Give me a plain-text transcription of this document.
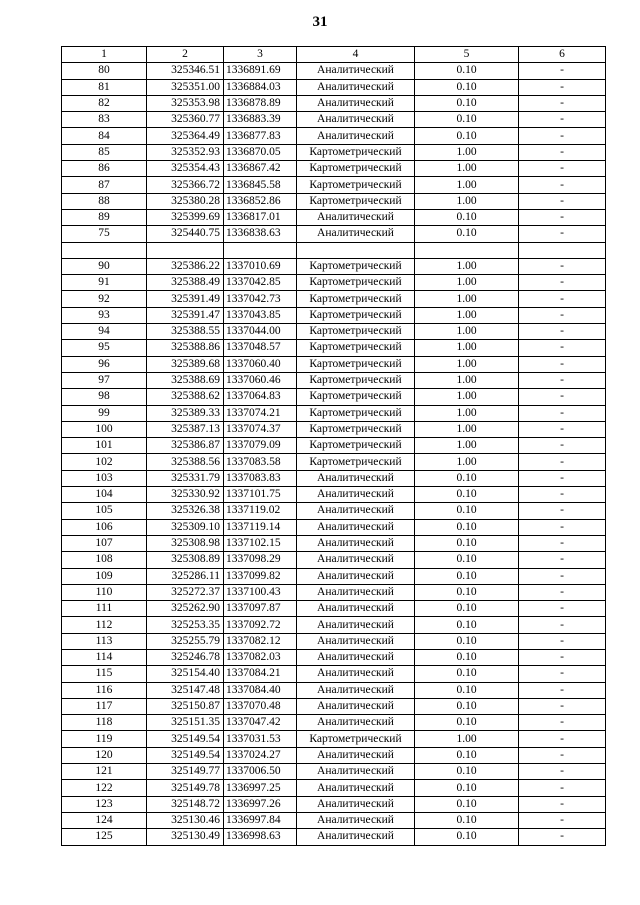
31
1	2	3	4	5	6
80	325346.51	1336891.69	Аналитический	0.10	-
81	325351.00	1336884.03	Аналитический	0.10	-
82	325353.98	1336878.89	Аналитический	0.10	-
83	325360.77	1336883.39	Аналитический	0.10	-
84	325364.49	1336877.83	Аналитический	0.10	-
85	325352.93	1336870.05	Картометрический	1.00	-
86	325354.43	1336867.42	Картометрический	1.00	-
87	325366.72	1336845.58	Картометрический	1.00	-
88	325380.28	1336852.86	Картометрический	1.00	-
89	325399.69	1336817.01	Аналитический	0.10	-
75	325440.75	1336838.63	Аналитический	0.10	-

90	325386.22	1337010.69	Картометрический	1.00	-
91	325388.49	1337042.85	Картометрический	1.00	-
92	325391.49	1337042.73	Картометрический	1.00	-
93	325391.47	1337043.85	Картометрический	1.00	-
94	325388.55	1337044.00	Картометрический	1.00	-
95	325388.86	1337048.57	Картометрический	1.00	-
96	325389.68	1337060.40	Картометрический	1.00	-
97	325388.69	1337060.46	Картометрический	1.00	-
98	325388.62	1337064.83	Картометрический	1.00	-
99	325389.33	1337074.21	Картометрический	1.00	-
100	325387.13	1337074.37	Картометрический	1.00	-
101	325386.87	1337079.09	Картометрический	1.00	-
102	325388.56	1337083.58	Картометрический	1.00	-
103	325331.79	1337083.83	Аналитический	0.10	-
104	325330.92	1337101.75	Аналитический	0.10	-
105	325326.38	1337119.02	Аналитический	0.10	-
106	325309.10	1337119.14	Аналитический	0.10	-
107	325308.98	1337102.15	Аналитический	0.10	-
108	325308.89	1337098.29	Аналитический	0.10	-
109	325286.11	1337099.82	Аналитический	0.10	-
110	325272.37	1337100.43	Аналитический	0.10	-
111	325262.90	1337097.87	Аналитический	0.10	-
112	325253.35	1337092.72	Аналитический	0.10	-
113	325255.79	1337082.12	Аналитический	0.10	-
114	325246.78	1337082.03	Аналитический	0.10	-
115	325154.40	1337084.21	Аналитический	0.10	-
116	325147.48	1337084.40	Аналитический	0.10	-
117	325150.87	1337070.48	Аналитический	0.10	-
118	325151.35	1337047.42	Аналитический	0.10	-
119	325149.54	1337031.53	Картометрический	1.00	-
120	325149.54	1337024.27	Аналитический	0.10	-
121	325149.77	1337006.50	Аналитический	0.10	-
122	325149.78	1336997.25	Аналитический	0.10	-
123	325148.72	1336997.26	Аналитический	0.10	-
124	325130.46	1336997.84	Аналитический	0.10	-
125	325130.49	1336998.63	Аналитический	0.10	-
